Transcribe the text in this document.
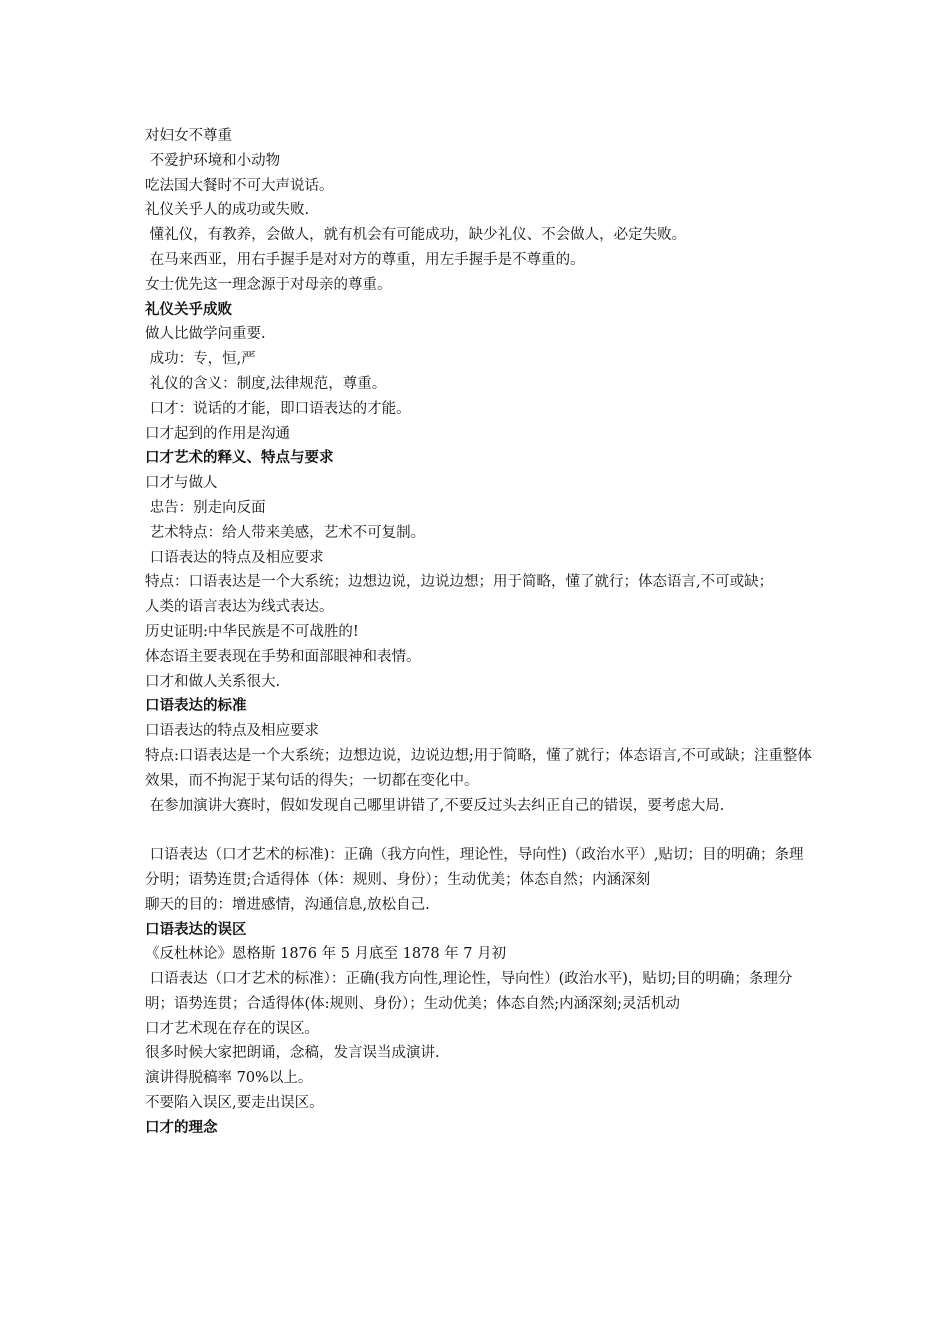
对妇女不尊重

不爱护环境和小动物

吃法国大餐时不可大声说话。

礼仪关乎人的成功或失败.

懂礼仪，有教养，会做人，就有机会有可能成功，缺少礼仪、不会做人，必定失败。

在马来西亚，用右手握手是对对方的尊重，用左手握手是不尊重的。

女士优先这一理念源于对母亲的尊重。

礼仪关乎成败

做人比做学问重要.

成功：专，恒,严

礼仪的含义：制度,法律规范，尊重。

口才：说话的才能，即口语表达的才能。

口才起到的作用是沟通

口才艺术的释义、特点与要求

口才与做人

忠告：别走向反面

艺术特点：给人带来美感，艺术不可复制。

口语表达的特点及相应要求

特点：口语表达是一个大系统；边想边说，边说边想；用于简略，懂了就行；体态语言,不可或缺；

人类的语言表达为线式表达。

历史证明:中华民族是不可战胜的!

体态语主要表现在手势和面部眼神和表情。

口才和做人关系很大.

口语表达的标准

口语表达的特点及相应要求

特点:口语表达是一个大系统；边想边说，边说边想;用于简略，懂了就行；体态语言,不可或缺；注重整体效果，而不拘泥于某句话的得失；一切都在变化中。

在参加演讲大赛时，假如发现自己哪里讲错了,不要反过头去纠正自己的错误，要考虑大局.

口语表达（口才艺术的标准)：正确（我方向性，理论性，导向性)（政治水平）,贴切；目的明确；条理分明；语势连贯;合适得体（体：规则、身份）；生动优美；体态自然；内涵深刻

聊天的目的：增进感情，沟通信息,放松自己.

口语表达的误区

《反杜林论》恩格斯 1876 年 5 月底至 1878 年 7 月初

口语表达（口才艺术的标准）：正确(我方向性,理论性，导向性）(政治水平)，贴切;目的明确；条理分明；语势连贯；合适得体(体:规则、身份）；生动优美；体态自然;内涵深刻;灵活机动

口才艺术现在存在的误区。

很多时候大家把朗诵，念稿，发言误当成演讲.

演讲得脱稿率 70%以上。

不要陷入误区,要走出误区。

口才的理念
